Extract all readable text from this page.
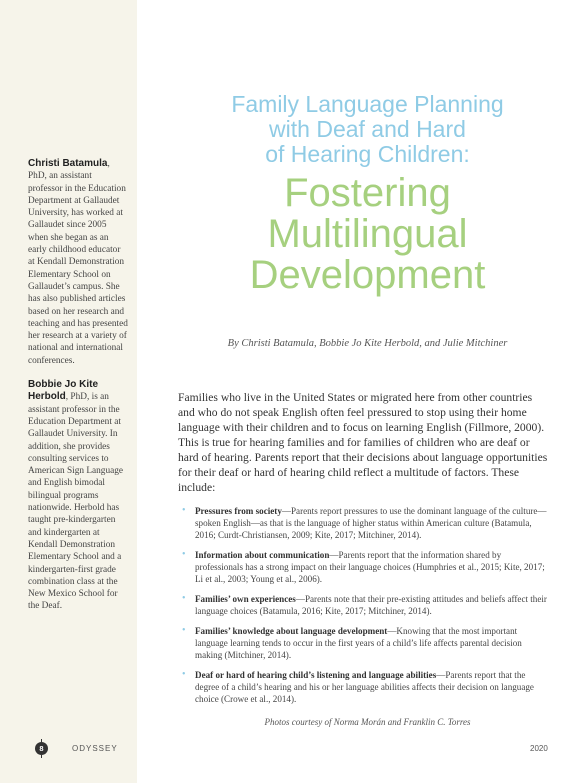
Christi Batamula, PhD, an assistant professor in the Education Department at Gallaudet University, has worked at Gallaudet since 2005 when she began as an early childhood educator at Kendall Demonstration Elementary School on Gallaudet’s campus. She has also published articles based on her research and teaching and has presented her research at a variety of national and international conferences.

Bobbie Jo Kite Herbold, PhD, is an assistant professor in the Education Department at Gallaudet University. In addition, she provides consulting services to American Sign Language and English bimodal bilingual programs nationwide. Herbold has taught pre-kindergarten and kindergarten at Kendall Demonstration Elementary School and a kindergarten-first grade combination class at the New Mexico School for the Deaf.

Family Language Planning
with Deaf and Hard
of Hearing Children:
Fostering
Multilingual
Development
By Christi Batamula, Bobbie Jo Kite Herbold, and Julie Mitchiner

Families who live in the United States or migrated here from other countries and who do not speak English often feel pressured to stop using their home language with their children and to focus on learning English (Fillmore, 2000). This is true for hearing families and for families of children who are deaf or hard of hearing. Parents report that their decisions about language opportunities for their deaf or hard of hearing child reflect a multitude of factors. These include:

• Pressures from society—Parents report pressures to use the dominant language of the culture—spoken English—as that is the language of higher status within American culture (Batamula, 2016; Curdt-Christiansen, 2009; Kite, 2017; Mitchiner, 2014).
• Information about communication—Parents report that the information shared by professionals has a strong impact on their language choices (Humphries et al., 2015; Kite, 2017; Li et al., 2003; Young et al., 2006).
• Families’ own experiences—Parents note that their pre-existing attitudes and beliefs affect their language choices (Batamula, 2016; Kite, 2017; Mitchiner, 2014).
• Families’ knowledge about language development—Knowing that the most important language learning tends to occur in the first years of a child’s life affects parental decision making (Mitchiner, 2014).
• Deaf or hard of hearing child’s listening and language abilities—Parents report that the degree of a child’s hearing and his or her language abilities affects their decision on language choice (Crowe et al., 2014).
Photos courtesy of Norma Morán and Franklin C. Torres
8	ODYSSEY	2020
